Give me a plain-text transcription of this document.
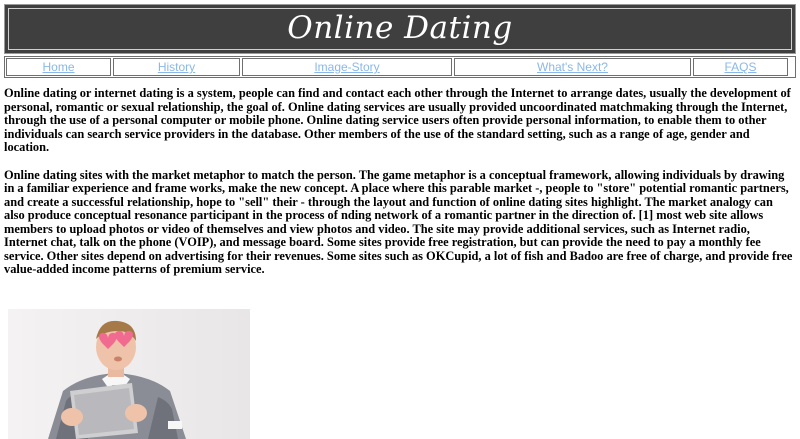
Online Dating
Home	History	Image-Story	What's Next?	FAQS

Online dating or internet dating is a system, people can find and contact each other through the Internet to arrange dates, usually the development of personal, romantic or sexual relationship, the goal of. Online dating services are usually provided uncoordinated matchmaking through the Internet, through the use of a personal computer or mobile phone. Online dating service users often provide personal information, to enable them to other individuals can search service providers in the database. Other members of the use of the standard setting, such as a range of age, gender and location.

Online dating sites with the market metaphor to match the person. The game metaphor is a conceptual framework, allowing individuals by drawing in a familiar experience and frame works, make the new concept. A place where this parable market -, people to "store" potential romantic partners, and create a successful relationship, hope to "sell" their - through the layout and function of online dating sites highlight. The market analogy can also produce conceptual resonance participant in the process of nding network of a romantic partner in the direction of. [1] most web site allows members to upload photos or video of themselves and view photos and video. The site may provide additional services, such as Internet radio, Internet chat, talk on the phone (VOIP), and message board. Some sites provide free registration, but can provide the need to pay a monthly fee service. Other sites depend on advertising for their revenues. Some sites such as OKCupid, a lot of fish and Badoo are free of charge, and provide free value-added income patterns of premium service.
